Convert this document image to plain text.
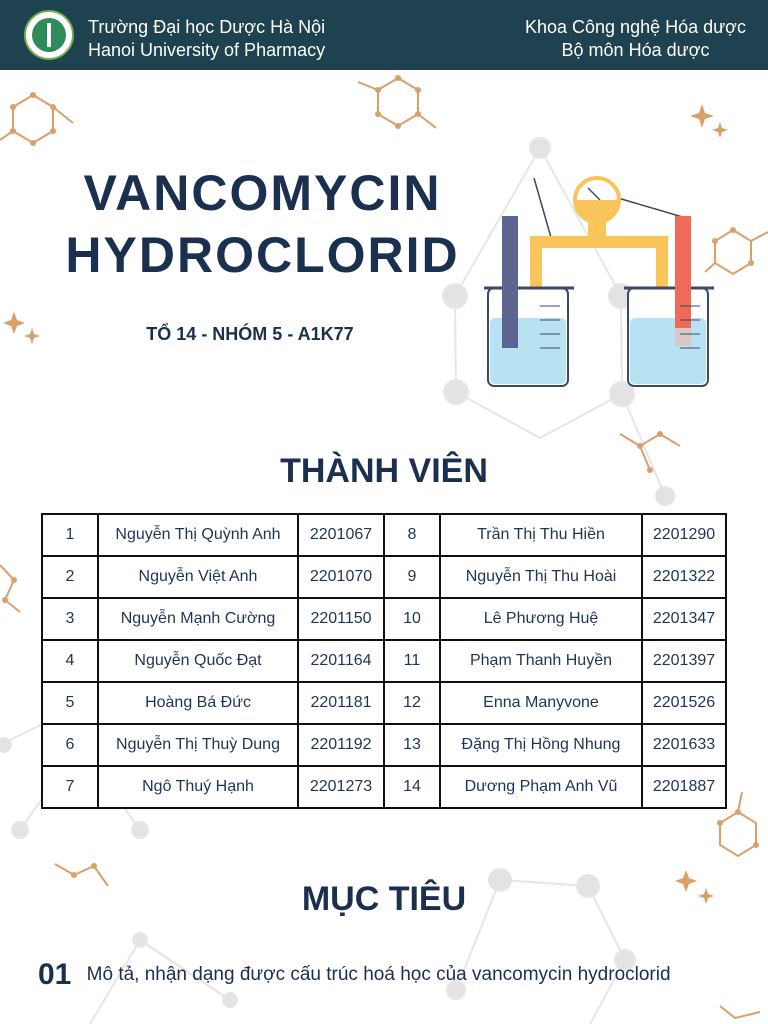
Trường Đại học Dược Hà Nội
Hanoi University of Pharmacy
Khoa Công nghệ Hóa dược
Bộ môn Hóa dược
VANCOMYCIN
HYDROCLORID
TỔ 14 - NHÓM 5 - A1K77
THÀNH VIÊN
1	Nguyễn Thị Quỳnh Anh	2201067	8	Trần Thị Thu Hiền	2201290
2	Nguyễn Việt Anh	2201070	9	Nguyễn Thị Thu Hoài	2201322
3	Nguyễn Mạnh Cường	2201150	10	Lê Phương Huệ	2201347
4	Nguyễn Quốc Đạt	2201164	11	Phạm Thanh Huyền	2201397
5	Hoàng Bá Đức	2201181	12	Enna Manyvone	2201526
6	Nguyễn Thị Thuỳ Dung	2201192	13	Đặng Thị Hồng Nhung	2201633
7	Ngô Thuý Hạnh	2201273	14	Dương Phạm Anh Vũ	2201887
MỤC TIÊU
01 Mô tả, nhận dạng được cấu trúc hoá học của vancomycin hydroclorid
